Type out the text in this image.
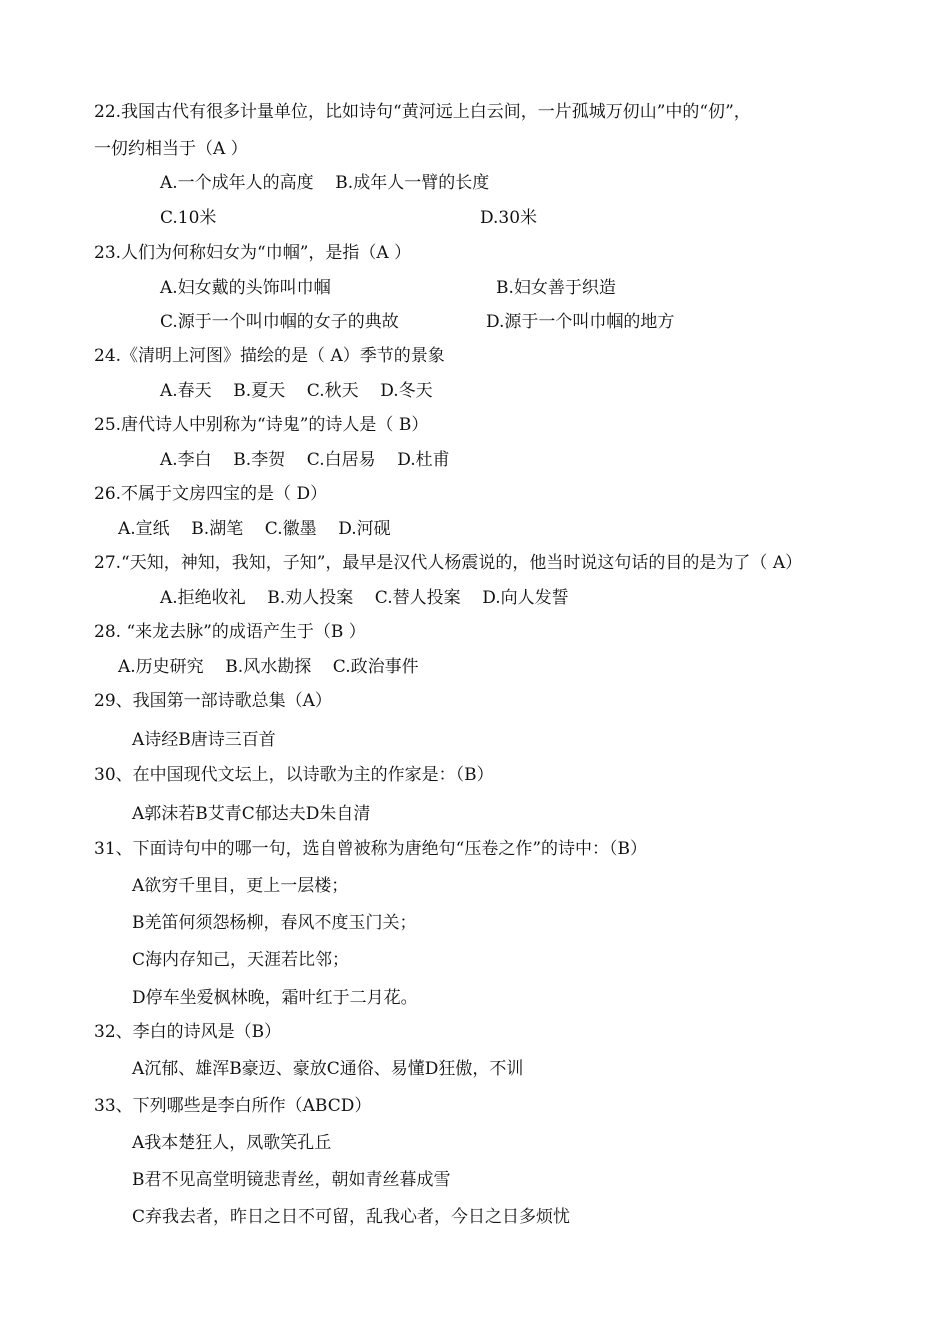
22.我国古代有很多计量单位，比如诗句“黄河远上白云间，一片孤城万仞山”中的“仞”，
一仞约相当于（A ）
A.一个成年人的高度    B.成年人一臂的长度
C.10米	D.30米
23.人们为何称妇女为“巾帼”，是指（A ）
A.妇女戴的头饰叫巾帼	B.妇女善于织造
C.源于一个叫巾帼的女子的典故	D.源于一个叫巾帼的地方
24.《清明上河图》描绘的是（ A）季节的景象
A.春天    B.夏天    C.秋天    D.冬天
25.唐代诗人中别称为“诗鬼”的诗人是（ B）
A.李白    B.李贺    C.白居易    D.杜甫
26.不属于文房四宝的是（ D）
A.宣纸    B.湖笔    C.徽墨    D.河砚
27.“天知，神知，我知，子知”，最早是汉代人杨震说的，他当时说这句话的目的是为了（ A）
A.拒绝收礼    B.劝人投案    C.替人投案    D.向人发誓
28. “来龙去脉”的成语产生于（B ）
A.历史研究    B.风水勘探    C.政治事件
29、我国第一部诗歌总集（A）
A诗经B唐诗三百首
30、在中国现代文坛上，以诗歌为主的作家是：（B）
A郭沫若B艾青C郁达夫D朱自清
31、下面诗句中的哪一句，选自曾被称为唐绝句“压卷之作”的诗中：（B）
A欲穷千里目，更上一层楼；
B羌笛何须怨杨柳，春风不度玉门关；
C海内存知己，天涯若比邻；
D停车坐爱枫林晚，霜叶红于二月花。
32、李白的诗风是（B）
A沉郁、雄浑B豪迈、豪放C通俗、易懂D狂傲，不训
33、下列哪些是李白所作（ABCD）
A我本楚狂人，凤歌笑孔丘
B君不见高堂明镜悲青丝，朝如青丝暮成雪
C弃我去者，昨日之日不可留，乱我心者，今日之日多烦忧
